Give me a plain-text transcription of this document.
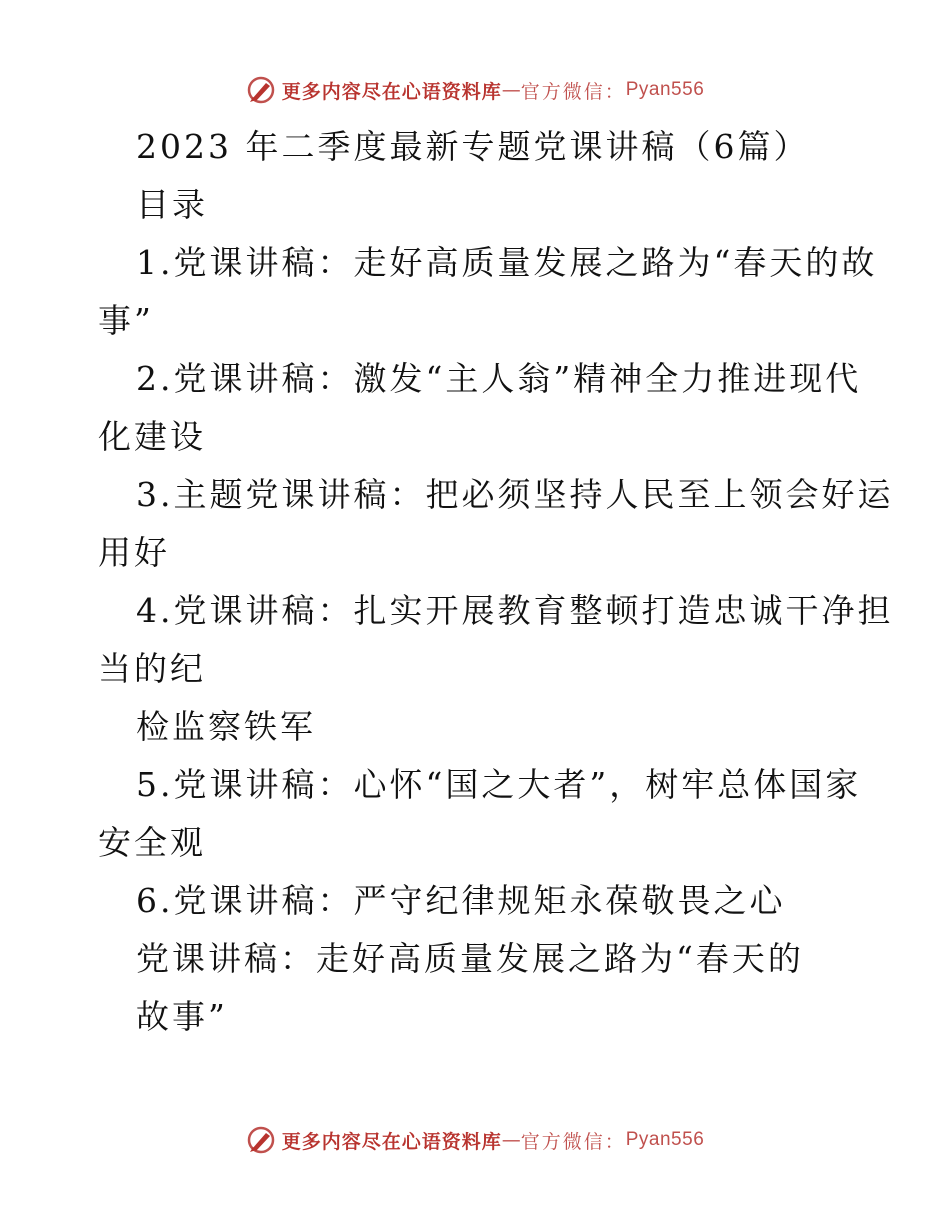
更多内容尽在心语资料库 — 官方微信： Pyan556
2023 年二季度最新专题党课讲稿（6篇）
目录
1.党课讲稿：走好高质量发展之路为“春天的故
事”
2.党课讲稿：激发“主人翁”精神全力推进现代
化建设
3.主题党课讲稿：把必须坚持人民至上领会好运
用好
4.党课讲稿：扎实开展教育整顿打造忠诚干净担
当的纪
检监察铁军
5.党课讲稿：心怀“国之大者”，树牢总体国家
安全观
6.党课讲稿：严守纪律规矩永葆敬畏之心
党课讲稿：走好高质量发展之路为“春天的
故事”
更多内容尽在心语资料库 — 官方微信： Pyan556
